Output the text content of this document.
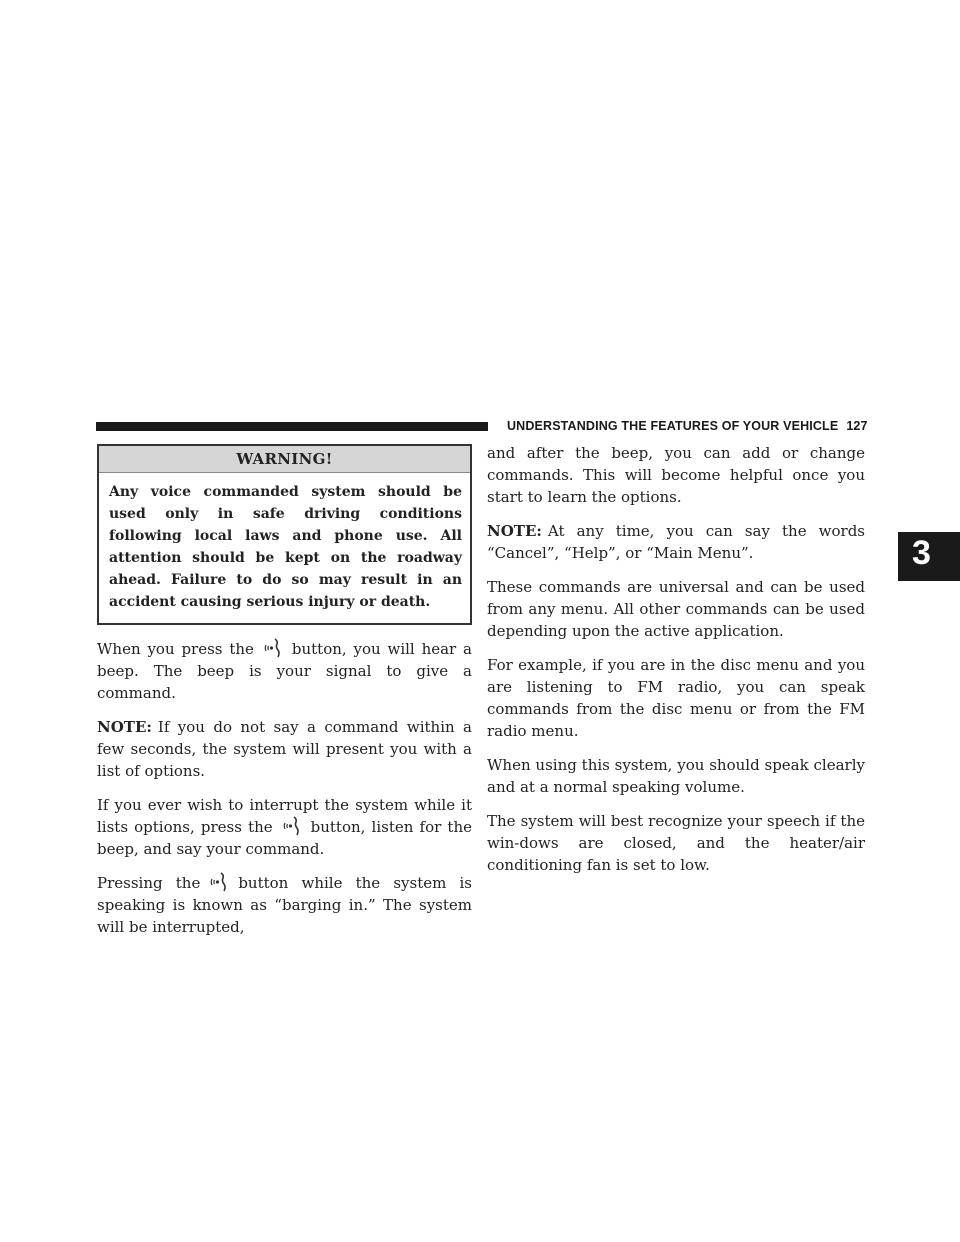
UNDERSTANDING THE FEATURES OF YOUR VEHICLE 127
3
WARNING!
Any voice commanded system should be used only in safe driving conditions following local laws and phone use. All attention should be kept on the roadway ahead. Failure to do so may result in an accident causing serious injury or death.

When you press the	button, you will hear a beep. The beep is your signal to give a command.

NOTE: If you do not say a command within a few seconds, the system will present you with a list of options.

If you ever wish to interrupt the system while it lists options, press the	button, listen for the beep, and say your command.

Pressing the	button while the system is speaking is known as “barging in.” The system will be interrupted,

and after the beep, you can add or change commands. This will become helpful once you start to learn the options.

NOTE: At any time, you can say the words “Cancel”, “Help”, or “Main Menu”.

These commands are universal and can be used from any menu. All other commands can be used depending upon the active application.

For example, if you are in the disc menu and you are listening to FM radio, you can speak commands from the disc menu or from the FM radio menu.

When using this system, you should speak clearly and at a normal speaking volume.

The system will best recognize your speech if the win-dows are closed, and the heater/air conditioning fan is set to low.
